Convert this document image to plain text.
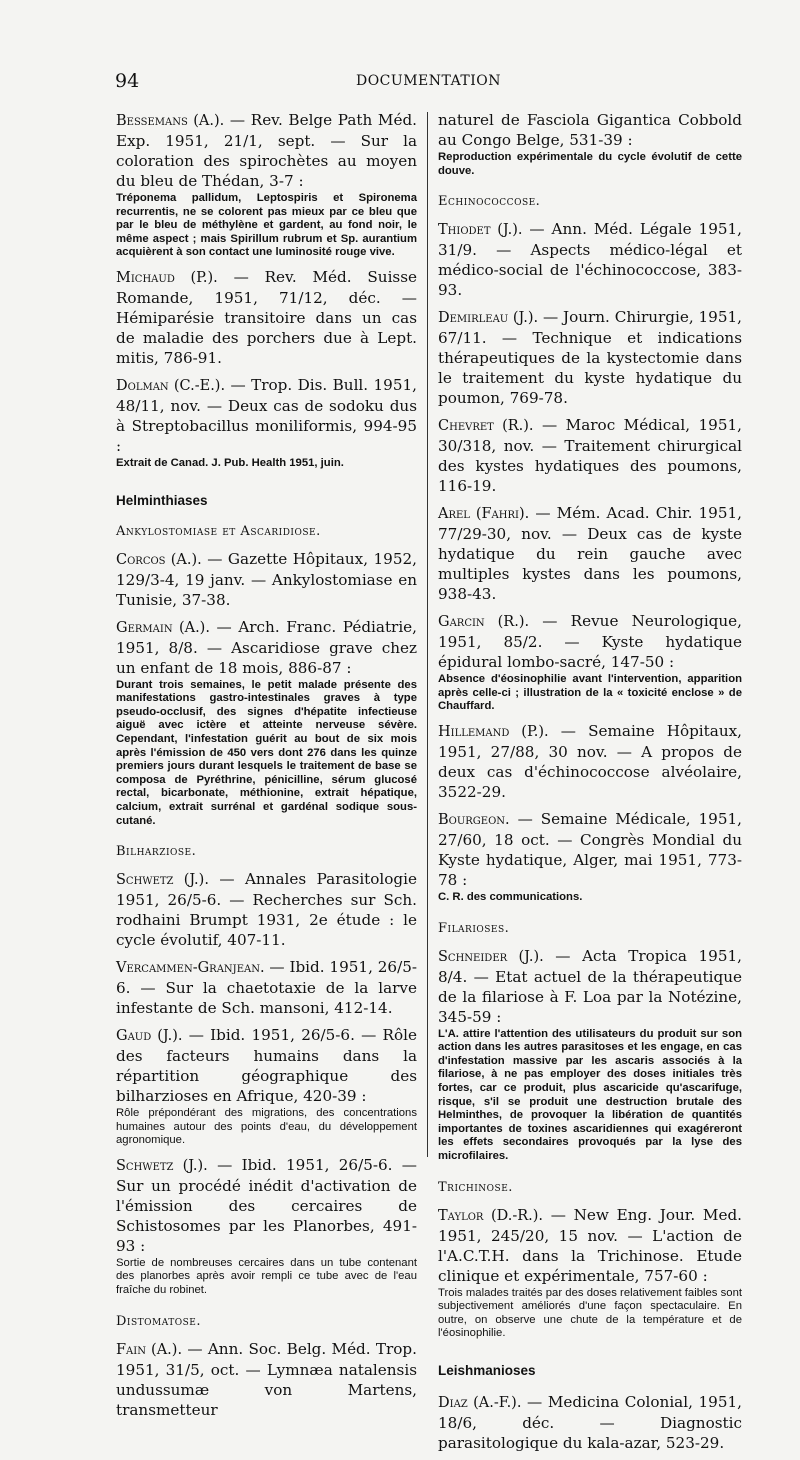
94	DOCUMENTATION
Bessemans (A.). — Rev. Belge Path Méd. Exp. 1951, 21/1, sept. — Sur la coloration des spirochètes au moyen du bleu de Thédan, 3-7 :
Tréponema pallidum, Leptospiris et Spironema recurrentis, ne se colorent pas mieux par ce bleu que par le bleu de méthylène et gardent, au fond noir, le même aspect ; mais Spirillum rubrum et Sp. aurantium acquièrent à son contact une luminosité rouge vive.
Michaud (P.). — Rev. Méd. Suisse Romande, 1951, 71/12, déc. — Hémiparésie transitoire dans un cas de maladie des porchers due à Lept. mitis, 786-91.
Dolman (C.-E.). — Trop. Dis. Bull. 1951, 48/11, nov. — Deux cas de sodoku dus à Streptobacillus moniliformis, 994-95 :
Extrait de Canad. J. Pub. Health 1951, juin.
Helminthiases
Ankylostomiase et Ascaridiose.
Corcos (A.). — Gazette Hôpitaux, 1952, 129/3-4, 19 janv. — Ankylostomiase en Tunisie, 37-38.
Germain (A.). — Arch. Franc. Pédiatrie, 1951, 8/8. — Ascaridiose grave chez un enfant de 18 mois, 886-87 :
Durant trois semaines, le petit malade présente des manifestations gastro-intestinales graves à type pseudo-occlusif, des signes d'hépatite infectieuse aiguë avec ictère et atteinte nerveuse sévère. Cependant, l'infestation guérit au bout de six mois après l'émission de 450 vers dont 276 dans les quinze premiers jours durant lesquels le traitement de base se composa de Pyréthrine, pénicilline, sérum glucosé rectal, bicarbonate, méthionine, extrait hépatique, calcium, extrait surrénal et gardénal sodique sous-cutané.
Bilharziose.
Schwetz (J.). — Annales Parasitologie 1951, 26/5-6. — Recherches sur Sch. rodhaini Brumpt 1931, 2e étude : le cycle évolutif, 407-11.
Vercammen-Granjean. — Ibid. 1951, 26/5-6. — Sur la chaetotaxie de la larve infestante de Sch. mansoni, 412-14.
Gaud (J.). — Ibid. 1951, 26/5-6. — Rôle des facteurs humains dans la répartition géographique des bilharzioses en Afrique, 420-39 :
Rôle prépondérant des migrations, des concentrations humaines autour des points d'eau, du développement agronomique.
Schwetz (J.). — Ibid. 1951, 26/5-6. — Sur un procédé inédit d'activation de l'émission des cercaires de Schistosomes par les Planorbes, 491-93 :
Sortie de nombreuses cercaires dans un tube contenant des planorbes après avoir rempli ce tube avec de l'eau fraîche du robinet.
Distomatose.
Fain (A.). — Ann. Soc. Belg. Méd. Trop. 1951, 31/5, oct. — Lymnæa natalensis undussumæ von Martens, transmetteur
naturel de Fasciola Gigantica Cobbold au Congo Belge, 531-39 :
Reproduction expérimentale du cycle évolutif de cette douve.
Echinococcose.
Thiodet (J.). — Ann. Méd. Légale 1951, 31/9. — Aspects médico-légal et médico-social de l'échinococcose, 383-93.
Demirleau (J.). — Journ. Chirurgie, 1951, 67/11. — Technique et indications thérapeutiques de la kystectomie dans le traitement du kyste hydatique du poumon, 769-78.
Chevret (R.). — Maroc Médical, 1951, 30/318, nov. — Traitement chirurgical des kystes hydatiques des poumons, 116-19.
Arel (Fahri). — Mém. Acad. Chir. 1951, 77/29-30, nov. — Deux cas de kyste hydatique du rein gauche avec multiples kystes dans les poumons, 938-43.
Garcin (R.). — Revue Neurologique, 1951, 85/2. — Kyste hydatique épidural lombo-sacré, 147-50 :
Absence d'éosinophilie avant l'intervention, apparition après celle-ci ; illustration de la « toxicité enclose » de Chauffard.
Hillemand (P.). — Semaine Hôpitaux, 1951, 27/88, 30 nov. — A propos de deux cas d'échinococcose alvéolaire, 3522-29.
Bourgeon. — Semaine Médicale, 1951, 27/60, 18 oct. — Congrès Mondial du Kyste hydatique, Alger, mai 1951, 773-78 :
C. R. des communications.
Filarioses.
Schneider (J.). — Acta Tropica 1951, 8/4. — Etat actuel de la thérapeutique de la filariose à F. Loa par la Notézine, 345-59 :
L'A. attire l'attention des utilisateurs du produit sur son action dans les autres parasitoses et les engage, en cas d'infestation massive par les ascaris associés à la filariose, à ne pas employer des doses initiales très fortes, car ce produit, plus ascaricide qu'ascarifuge, risque, s'il se produit une destruction brutale des Helminthes, de provoquer la libération de quantités importantes de toxines ascaridiennes qui exagéreront les effets secondaires provoqués par la lyse des microfilaires.
Trichinose.
Taylor (D.-R.). — New Eng. Jour. Med. 1951, 245/20, 15 nov. — L'action de l'A.C.T.H. dans la Trichinose. Etude clinique et expérimentale, 757-60 :
Trois malades traités par des doses relativement faibles sont subjectivement améliorés d'une façon spectaculaire. En outre, on observe une chute de la température et de l'éosinophilie.
Leishmanioses
Diaz (A.-F.). — Medicina Colonial, 1951, 18/6, déc. — Diagnostic parasitologique du kala-azar, 523-29.
